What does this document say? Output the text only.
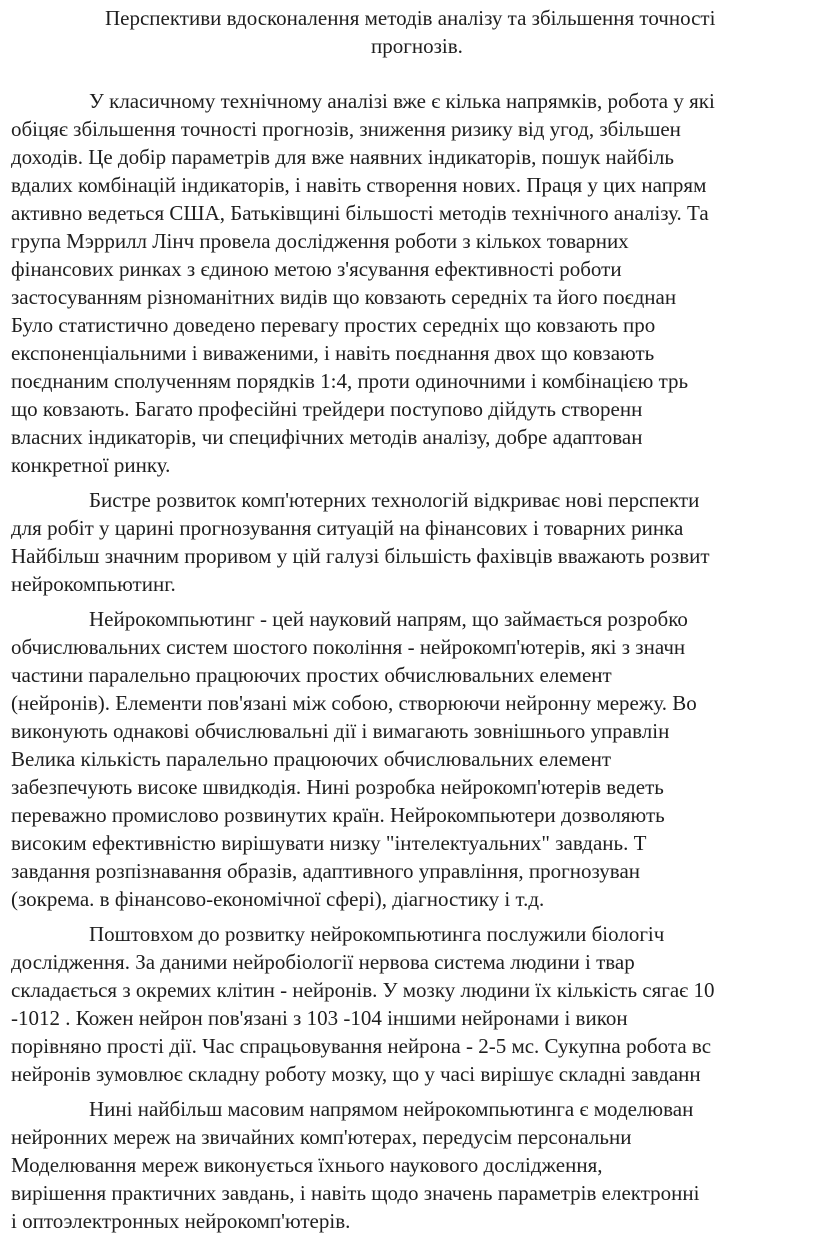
Перспективи вдосконалення методів аналізу та збільшення точності
прогнозів.
У класичному технічному аналізі вже є кілька напрямків, робота у які
обіцяє збільшення точності прогнозів, зниження ризику від угод, збільшен
доходів. Це добір параметрів для вже наявних індикаторів, пошук найбіль
вдалих комбінацій індикаторів, і навіть створення нових. Праця у цих напрям
активно ведеться США, Батьківщині більшості методів технічного аналізу. Та
група Мэррилл Лінч провела дослідження роботи з кількох товарних
фінансових ринках з єдиною метою з'ясування ефективності роботи
застосуванням різноманітних видів що ковзають середніх та його поєднан
Було статистично доведено перевагу простих середніх що ковзають про
експоненціальними і виваженими, і навіть поєднання двох що ковзають
поєднаним сполученням порядків 1:4, проти одиночними і комбінацією трь
що ковзають. Багато професійні трейдери поступово дійдуть створенн
власних індикаторів, чи специфічних методів аналізу, добре адаптован
конкретної ринку.
Бистре розвиток комп'ютерних технологій відкриває нові перспекти
для робіт у царині прогнозування ситуацій на фінансових і товарних ринка
Найбільш значним проривом у цій галузі більшість фахівців вважають розвит
нейрокомпьютинг.
Нейрокомпьютинг - цей науковий напрям, що займається розробко
обчислювальних систем шостого покоління - нейрокомп'ютерів, які з значн
частини паралельно працюючих простих обчислювальних елемент
(нейронів). Елементи пов'язані між собою, створюючи нейронну мережу. Во
виконують однакові обчислювальні дії і вимагають зовнішнього управлін
Велика кількість паралельно працюючих обчислювальних елемент
забезпечують високе швидкодія. Нині розробка нейрокомп'ютерів ведеть
переважно промислово розвинутих країн. Нейрокомпьютери дозволяють
високим ефективністю вирішувати низку "інтелектуальних" завдань. Т
завдання розпізнавання образів, адаптивного управління, прогнозуван
(зокрема. в фінансово-економічної сфері), діагностику і т.д.
Поштовхом до розвитку нейрокомпьютинга послужили біологіч
дослідження. За даними нейробіології нервова система людини і твар
складається з окремих клітин - нейронів. У мозку людини їх кількість сягає 10
-1012 . Кожен нейрон пов'язані з 103 -104 іншими нейронами і викон
порівняно прості дії. Час спрацьовування нейрона - 2-5 мс. Сукупна робота вс
нейронів зумовлює складну роботу мозку, що у часі вирішує складні завданн
Нині найбільш масовим напрямом нейрокомпьютинга є моделюван
нейронних мереж на звичайних комп'ютерах, передусім персональни
Моделювання мереж виконується їхнього наукового дослідження,
вирішення практичних завдань, і навіть щодо значень параметрів електронні
і оптоэлектронных нейрокомп'ютерів.
